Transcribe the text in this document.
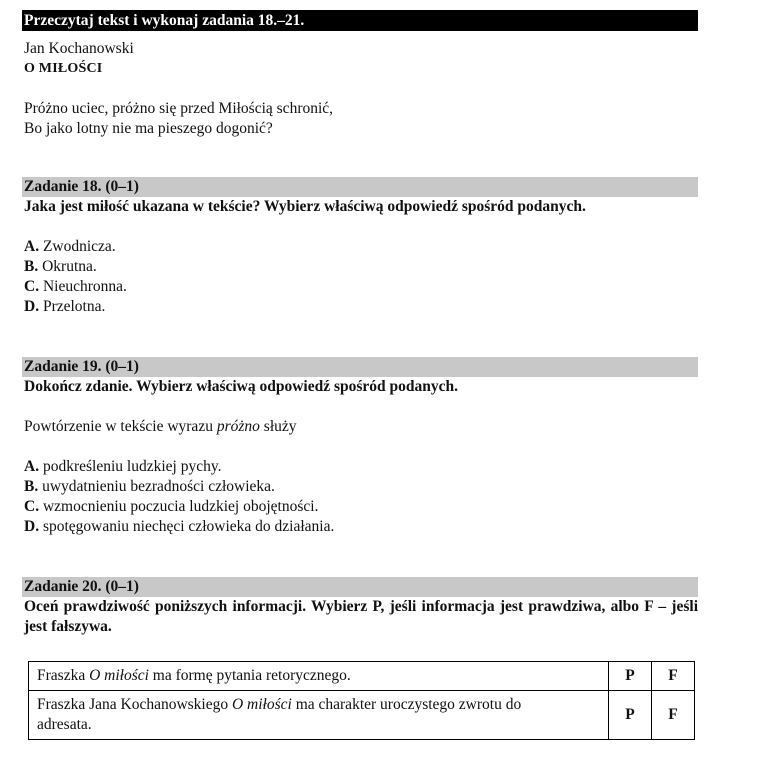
Przeczytaj tekst i wykonaj zadania 18.–21.
Jan Kochanowski
O MIŁOŚCI
Próżno uciec, próżno się przed Miłością schronić,
Bo jako lotny nie ma pieszego dogonić?
Zadanie 18. (0–1)
Jaka jest miłość ukazana w tekście? Wybierz właściwą odpowiedź spośród podanych.
A. Zwodnicza.
B. Okrutna.
C. Nieuchronna.
D. Przelotna.
Zadanie 19. (0–1)
Dokończ zdanie. Wybierz właściwą odpowiedź spośród podanych.
Powtórzenie w tekście wyrazu próżno służy
A. podkreśleniu ludzkiej pychy.
B. uwydatnieniu bezradności człowieka.
C. wzmocnieniu poczucia ludzkiej obojętności.
D. spotęgowaniu niechęci człowieka do działania.
Zadanie 20. (0–1)
Oceń prawdziwość poniższych informacji. Wybierz P, jeśli informacja jest prawdziwa, albo F – jeśli jest fałszywa.
Fraszka O miłości ma formę pytania retorycznego.	P	F
Fraszka Jana Kochanowskiego O miłości ma charakter uroczystego zwrotu do adresata.	P	F
